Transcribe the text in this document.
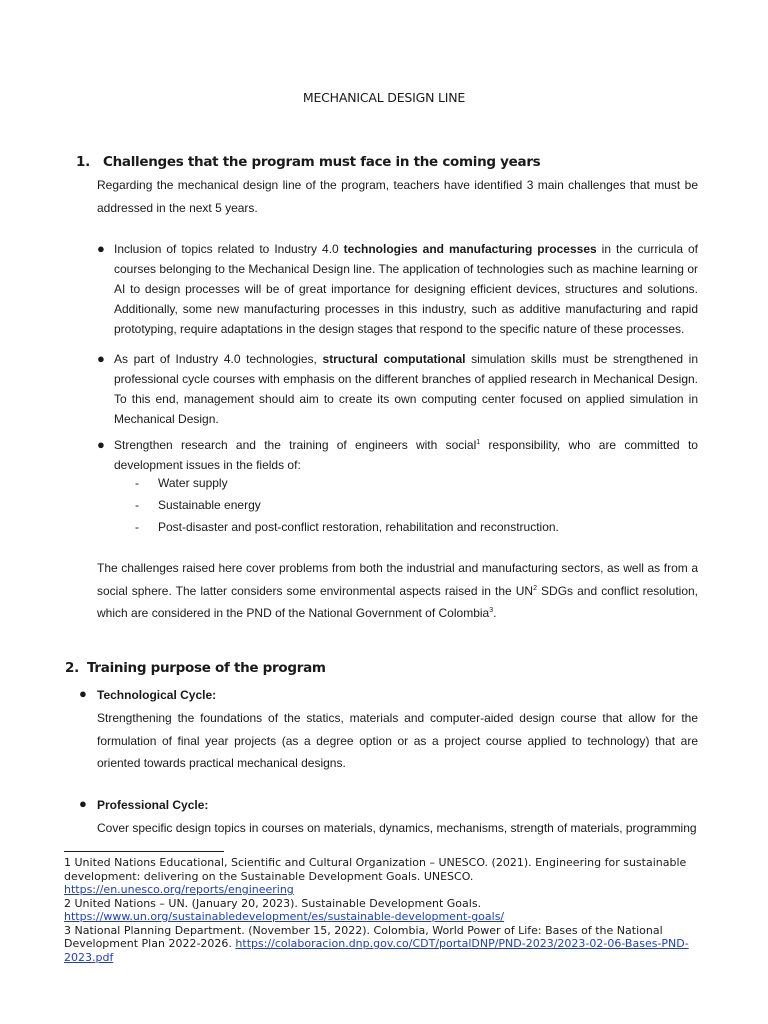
MECHANICAL DESIGN LINE
1. Challenges that the program must face in the coming years
Regarding the mechanical design line of the program, teachers have identified 3 main challenges that must be addressed in the next 5 years.
● Inclusion of topics related to Industry 4.0 technologies and manufacturing processes in the curricula of courses belonging to the Mechanical Design line. The application of technologies such as machine learning or AI to design processes will be of great importance for designing efficient devices, structures and solutions. Additionally, some new manufacturing processes in this industry, such as additive manufacturing and rapid prototyping, require adaptations in the design stages that respond to the specific nature of these processes.
● As part of Industry 4.0 technologies, structural computational simulation skills must be strengthened in professional cycle courses with emphasis on the different branches of applied research in Mechanical Design. To this end, management should aim to create its own computing center focused on applied simulation in Mechanical Design.
● Strengthen research and the training of engineers with social$^1$ responsibility, who are committed to development issues in the fields of:
- Water supply
- Sustainable energy
- Post-disaster and post-conflict restoration, rehabilitation and reconstruction.
The challenges raised here cover problems from both the industrial and manufacturing sectors, as well as from a social sphere. The latter considers some environmental aspects raised in the $UN^2$ SDGs and conflict resolution, which are considered in the PND of the National Government of Colombia$^3$.
2. Training purpose of the program
● Technological Cycle:
Strengthening the foundations of the statics, materials and computer-aided design course that allow for the formulation of final year projects (as a degree option or as a project course applied to technology) that are oriented towards practical mechanical designs.
● Professional Cycle:
Cover specific design topics in courses on materials, dynamics, mechanisms, strength of materials, programming
1 United Nations Educational, Scientific and Cultural Organization – UNESCO. (2021). Engineering for sustainable development: delivering on the Sustainable Development Goals. UNESCO. https://en.unesco.org/reports/engineering
2 United Nations – UN. (January 20, 2023). Sustainable Development Goals.
https://www.un.org/sustainabledevelopment/es/sustainable-development-goals/
3 National Planning Department. (November 15, 2022). Colombia, World Power of Life: Bases of the National Development Plan 2022-2026. https://colaboracion.dnp.gov.co/CDT/portalDNP/PND-2023/2023-02-06-Bases-PND-2023.pdf
